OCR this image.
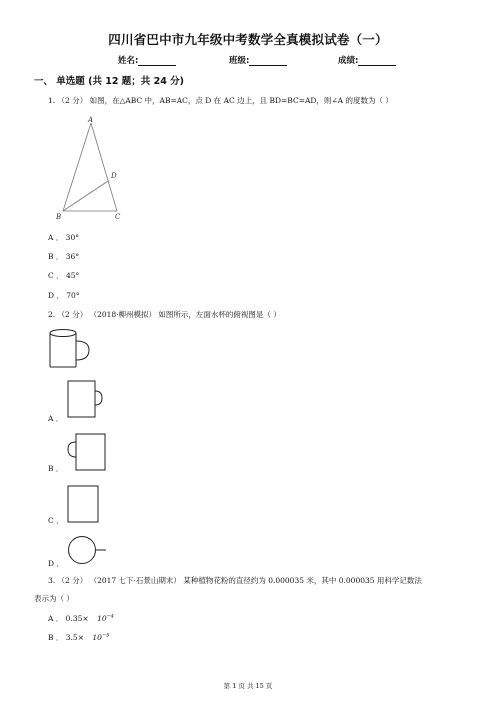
四川省巴中市九年级中考数学全真模拟试卷（一）
姓名:	班级:	成绩:
一、 单选题 (共 12 题；共 24 分)
1. （2 分） 如图，在△ABC 中，AB=AC，点 D 在 AC 边上，且 BD=BC=AD，则∠A 的度数为（ ）
A
B	C
D
A ． 30°
B ． 36°
C ． 45°
D ． 70°
2. （2 分） （2018·柳州模拟） 如图所示，左面水杯的俯视图是（ ）
A ．
B ．
C ．
D ．
3. （2 分） （2017 七下·石景山期末） 某种植物花粉的直径约为 0.000035 米，其中 0.000035 用科学记数法
表示为（ ）
A ． $0.35\times 10^{-4}$
B ． $3.5\times 10^{-5}$
第 1 页 共 15 页
